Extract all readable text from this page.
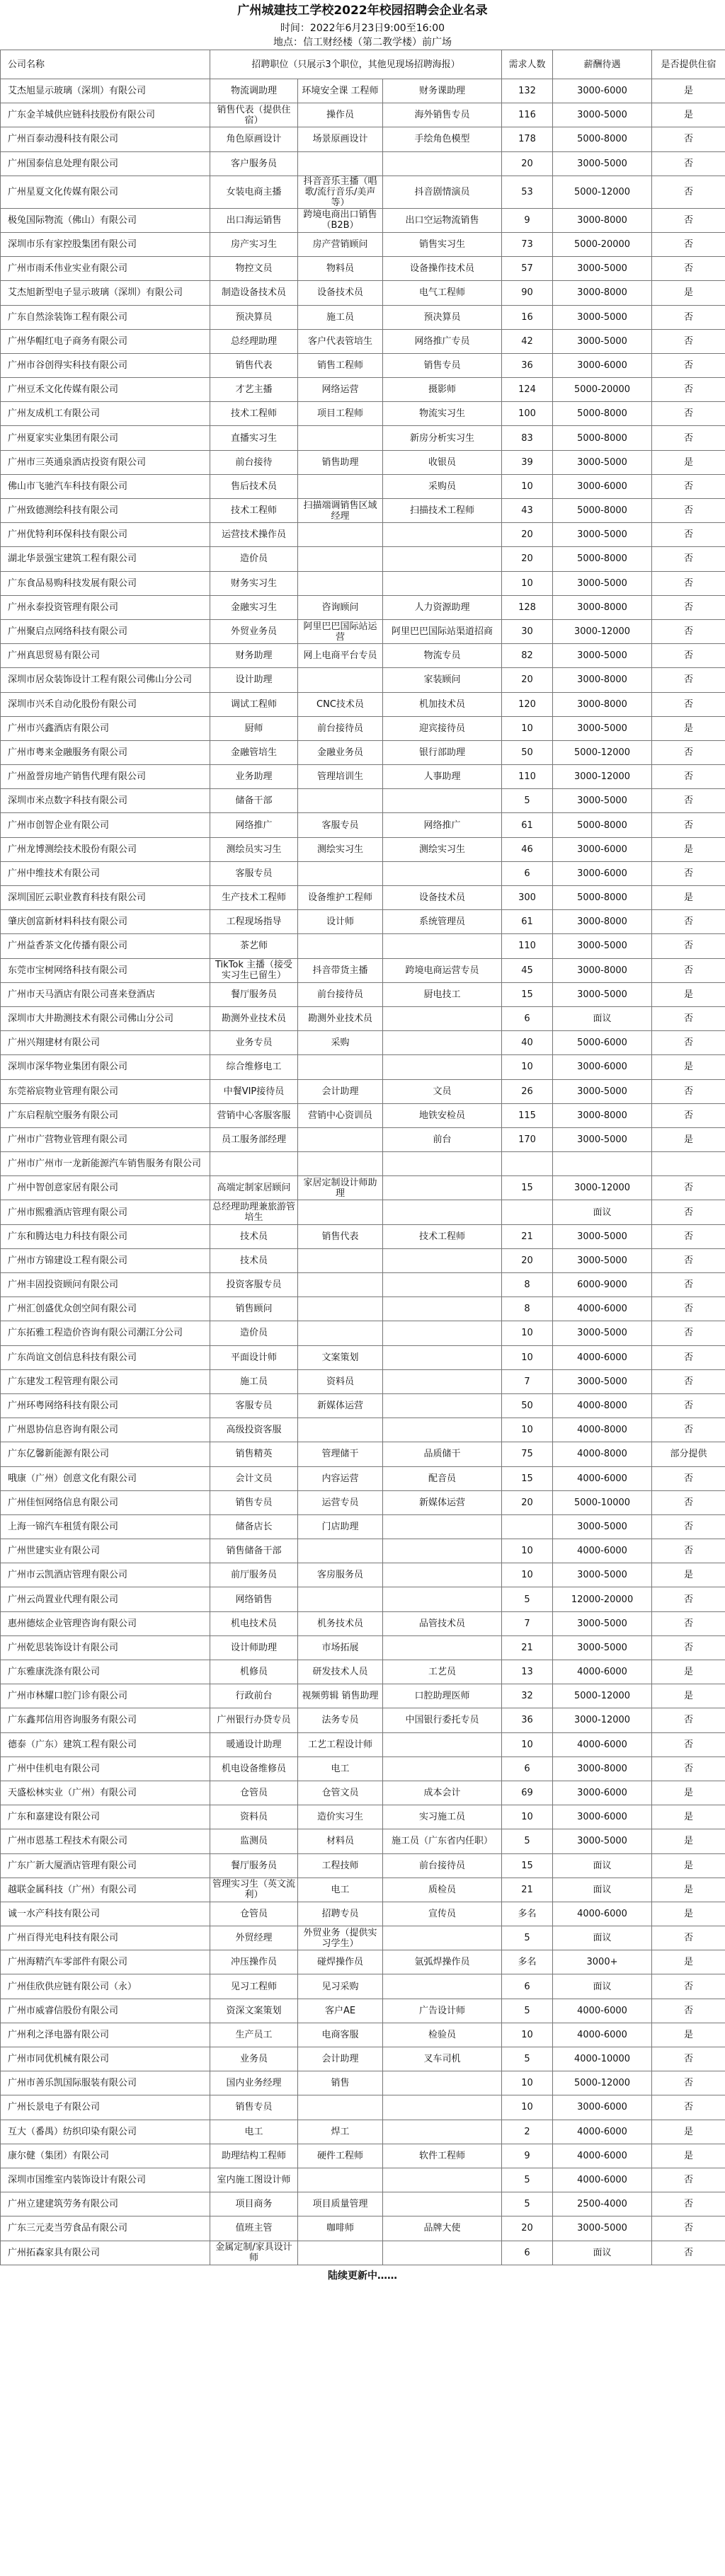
广州城建技工学校2022年校园招聘会企业名录
时间：2022年6月23日9:00至16:00
地点：信工财经楼（第二教学楼）前广场
公司名称	招聘职位（只展示3个职位，其他见现场招聘海报）			需求人数	薪酬待遇	是否提供住宿
艾杰旭显示玻璃（深圳）有限公司	物流调助理	环境安全课 工程师	财务课助理	132	3000-6000	是
广东金羊城供应链科技股份有限公司	销售代表（提供住宿）	操作员	海外销售专员	116	3000-5000	是
广州百泰动漫科技有限公司	角色原画设计	场景原画设计	手绘角色模型	178	5000-8000	否
广州国泰信息处理有限公司	客户服务员			20	3000-5000	否
广州星夏文化传媒有限公司	女装电商主播	抖音音乐主播（唱歌/流行音乐/美声等）	抖音剧情演员	53	5000-12000	否
极兔国际物流（佛山）有限公司	出口海运销售	跨境电商出口销售（B2B）	出口空运物流销售	9	3000-8000	否
深圳市乐有家控股集团有限公司	房产实习生	房产营销顾问	销售实习生	73	5000-20000	否
广州市雨禾伟业实业有限公司	物控文员	物料员	设备操作技术员	57	3000-5000	否
艾杰旭新型电子显示玻璃（深圳）有限公司	制造设备技术员	设备技术员	电气工程师	90	3000-8000	是
广东自然涂装饰工程有限公司	预决算员	施工员	预决算员	16	3000-5000	否
广州华帽红电子商务有限公司	总经理助理	客户代表管培生	网络推广专员	42	3000-5000	否
广州市谷创得实科技有限公司	销售代表	销售工程师	销售专员	36	3000-6000	否
广州豆禾文化传媒有限公司	才艺主播	网络运营	摄影师	124	5000-20000	否
广州友成机工有限公司	技术工程师	项目工程师	物流实习生	100	5000-8000	否
广州夏家实业集团有限公司	直播实习生		新房分析实习生	83	5000-8000	否
广州市三英通泉酒店投资有限公司	前台接待	销售助理	收银员	39	3000-5000	是
佛山市飞驰汽车科技有限公司	售后技术员		采购员	10	3000-6000	否
广州致德测绘科技有限公司	技术工程师	扫描端调销售区域经理	扫描技术工程师	43	5000-8000	否
广州优特利环保科技有限公司	运营技术操作员			20	3000-5000	否
湖北华景强宝建筑工程有限公司	造价员			20	5000-8000	否
广东食品易购科技发展有限公司	财务实习生			10	3000-5000	否
广州永泰投资管理有限公司	金融实习生	咨询顾问	人力资源助理	128	3000-8000	否
广州聚启点网络科技有限公司	外贸业务员	阿里巴巴国际站运营	阿里巴巴国际站渠道招商	30	3000-12000	否
广州真思贸易有限公司	财务助理	网上电商平台专员	物流专员	82	3000-5000	否
深圳市居众装饰设计工程有限公司佛山分公司	设计助理		家装顾问	20	3000-8000	否
深圳市兴禾自动化股份有限公司	调试工程师	CNC技术员	机加技术员	120	3000-8000	否
广州市兴鑫酒店有限公司	厨师	前台接待员	迎宾接待员	10	3000-5000	是
广州市粤来金融服务有限公司	金融管培生	金融业务员	银行部助理	50	5000-12000	否
广州盈誉房地产销售代理有限公司	业务助理	管理培训生	人事助理	110	3000-12000	否
深圳市米点数字科技有限公司	储备干部			5	3000-5000	否
广州市创智企业有限公司	网络推广	客服专员	网络推广	61	5000-8000	否
广州龙博测绘技术股份有限公司	测绘员实习生	测绘实习生	测绘实习生	46	3000-6000	是
广州中维技术有限公司	客服专员			6	3000-6000	否
深圳国匠云职业教育科技有限公司	生产技术工程师	设备维护工程师	设备技术员	300	5000-8000	是
肇庆创富新材料科技有限公司	工程现场指导	设计师	系统管理员	61	3000-8000	否
广州益香茶文化传播有限公司	茶艺师			110	3000-5000	否
东莞市宝树网络科技有限公司	TikTok 主播（接受实习生已留生）	抖音带货主播	跨境电商运营专员	45	3000-8000	否
广州市天马酒店有限公司喜来登酒店	餐厅服务员	前台接待员	厨电技工	15	3000-5000	是
深圳市大井勘测技术有限公司佛山分公司	勘测外业技术员	勘测外业技术员		6	面议	否
广州兴翔建材有限公司	业务专员	采购		40	5000-6000	否
深圳市深华物业集团有限公司	综合维修电工			10	3000-6000	是
东莞裕宸物业管理有限公司	中餐VIP接待员	会计助理	文员	26	3000-5000	否
广东启程航空服务有限公司	营销中心客服客服	营销中心资训员	地铁安检员	115	3000-8000	否
广州市广营物业管理有限公司	员工服务部经理		前台	170	3000-5000	是
广州市广州市一龙新能源汽车销售服务有限公司						
广州中智创意家居有限公司	高端定制家居顾问	家居定制设计师助理		15	3000-12000	否
广州市熙雅酒店管理有限公司	总经理助理兼旅游管培生				面议	否
广东和腾达电力科技有限公司	技术员	销售代表	技术工程师	21	3000-5000	否
广州市方锦建设工程有限公司	技术员			20	3000-5000	否
广州丰固投资顾问有限公司	投资客服专员			8	6000-9000	否
广州汇创盛优众创空间有限公司	销售顾问			8	4000-6000	否
广东拓雅工程造价咨询有限公司潮江分公司	造价员			10	3000-5000	否
广东尚谊文创信息科技有限公司	平面设计师	文案策划		10	4000-6000	否
广东建发工程管理有限公司	施工员	资料员		7	3000-5000	否
广州环粤网络科技有限公司	客服专员	新媒体运营		50	4000-8000	否
广州恩协信息咨询有限公司	高级投资客服			10	4000-8000	否
广东亿馨新能源有限公司	销售精英	管理储干	品质储干	75	4000-8000	部分提供
哦康（广州）创意文化有限公司	会计文员	内容运营	配音员	15	4000-6000	否
广州佳恒网络信息有限公司	销售专员	运营专员	新媒体运营	20	5000-10000	否
上海一锦汽车租赁有限公司	储备店长	门店助理			3000-5000	否
广州世建实业有限公司	销售储备干部			10	4000-6000	否
广州市云凯酒店管理有限公司	前厅服务员	客房服务员		10	3000-5000	是
广州云尚置业代理有限公司	网络销售			5	12000-20000	否
惠州德炫企业管理咨询有限公司	机电技术员	机务技术员	品管技术员	7	3000-5000	否
广州乾思装饰设计有限公司	设计师助理	市场拓展		21	3000-5000	否
广东雅康洗涤有限公司	机修员	研发技术人员	工艺员	13	4000-6000	是
广州市林耀口腔门诊有限公司	行政前台	视频剪辑 销售助理	口腔助理医师	32	5000-12000	是
广东鑫邦信用咨询服务有限公司	广州银行办贷专员	法务专员	中国银行委托专员	36	3000-12000	否
德泰（广东）建筑工程有限公司	暖通设计助理	工艺工程设计师		10	4000-6000	否
广州中佳机电有限公司	机电设备维修员	电工		6	3000-8000	否
天盛松林实业（广州）有限公司	仓管员	仓管文员	成本会计	69	3000-6000	是
广东和嘉建设有限公司	资料员	造价实习生	实习施工员	10	3000-6000	是
广州市恩基工程技术有限公司	监测员	材料员	施工员（广东省内任职）	5	3000-5000	是
广东广新大厦酒店管理有限公司	餐厅服务员	工程技师	前台接待员	15	面议	是
越联金属科技（广州）有限公司	管理实习生（英文流利）	电工	质检员	21	面议	是
诚一水产科技有限公司	仓管员	招聘专员	宣传员	多名	4000-6000	是
广州百得光电科技有限公司	外贸经理	外贸业务（提供实习学生）		5	面议	否
广州海精汽车零部件有限公司	冲压操作员	碰焊操作员	氩弧焊操作员	多名	3000+	是
广州佳欣供应链有限公司（永）	见习工程师	见习采购		6	面议	否
广州市威睿信股份有限公司	资深文案策划	客户AE	广告设计师	5	4000-6000	否
广州利之泽电器有限公司	生产员工	电商客服	检验员	10	4000-6000	是
广州市同优机械有限公司	业务员	会计助理	叉车司机	5	4000-10000	否
广州市善乐凯国际服装有限公司	国内业务经理	销售		10	5000-12000	否
广州长景电子有限公司	销售专员			10	3000-6000	否
互大（番禺）纺织印染有限公司	电工	焊工		2	4000-6000	是
康尔健（集团）有限公司	助理结构工程师	硬件工程师	软件工程师	9	4000-6000	是
深圳市国维室内装饰设计有限公司	室内施工图设计师			5	4000-6000	否
广州立建建筑劳务有限公司	项目商务	项目质量管理		5	2500-4000	否
广东三元麦当劳食品有限公司	值班主管	咖啡师	品牌大使	20	3000-5000	否
广州拓森家具有限公司	金属定制/家具设计师			6	面议	否
陆续更新中……
